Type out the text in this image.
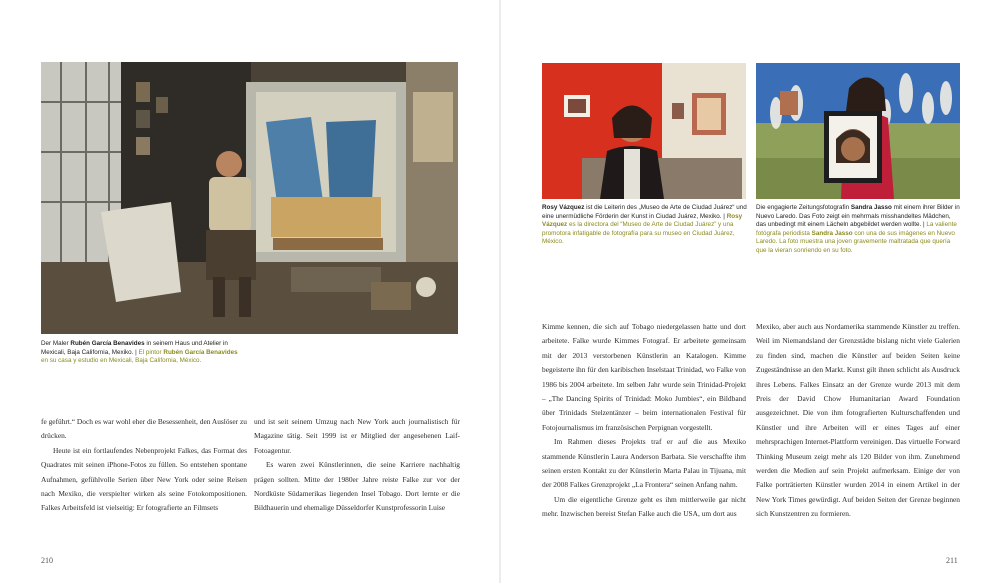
Der Maler Rubén García Benavides in seinem Haus und Atelier in
Mexicali, Baja California, Mexiko. | El pintor Rubén García Benavides
en su casa y estudio en Mexicali, Baja California, México.

fe geführt.“ Doch es war wohl eher die Besessenheit, den Auslöser zu drücken.

Heute ist ein fortlaufendes Nebenprojekt Falkes, das Format des Quadrates mit seinen iPhone-Fotos zu füllen. So entstehen spontane Aufnahmen, gefühlvolle Serien über New York oder seine Reisen nach Mexiko, die verspielter wirken als seine Fotokompositionen. Falkes Arbeitsfeld ist vielseitig: Er fotografierte an Filmsets

und ist seit seinem Umzug nach New York auch journalistisch für Magazine tätig. Seit 1999 ist er Mitglied der angesehenen Laif-Fotoagentur.

Es waren zwei Künstlerinnen, die seine Karriere nachhaltig prägen sollten. Mitte der 1980er Jahre reiste Falke zur vor der Nordküste Südamerikas liegenden Insel Tobago. Dort lernte er die Bildhauerin und ehemalige Düsseldorfer Kunstprofessorin Luise

210
Rosy Vázquez ist die Leiterin des „Museo de Arte de Ciudad Juárez“ und eine unermüdliche Förderin der Kunst in Ciudad Juárez, Mexiko. | Rosy Vázquez es la directora del “Museo de Arte de Ciudad Juárez” y una promotora infatigable de fotografía para su museo en Ciudad Juárez, México.
Die engagierte Zeitungsfotografin Sandra Jasso mit einem ihrer Bilder in Nuevo Laredo. Das Foto zeigt ein mehrmals misshandeltes Mädchen, das unbedingt mit einem Lächeln abgebildet werden wollte. | La valiente fotógrafa periodista Sandra Jasso con una de sus imágenes en Nuevo Laredo. La foto muestra una joven gravemente maltratada que quería que la vieran sonriendo en su foto.

Kimme kennen, die sich auf Tobago niedergelassen hatte und dort arbeitete. Falke wurde Kimmes Fotograf. Er arbeitete gemeinsam mit der 2013 verstorbenen Künstlerin an Katalogen. Kimme begeisterte ihn für den karibischen Inselstaat Trinidad, wo Falke von 1986 bis 2004 arbeitete. Im selben Jahr wurde sein Trinidad-Projekt – „The Dancing Spirits of Trinidad: Moko Jumbies“, ein Bildband über Trinidads Stelzentänzer – beim internationalen Festival für Fotojournalismus im französischen Perpignan vorgestellt.

Im Rahmen dieses Projekts traf er auf die aus Mexiko stammende Künstlerin Laura Anderson Barbata. Sie verschaffte ihm seinen ersten Kontakt zu der Künstlerin Marta Palau in Tijuana, mit der 2008 Falkes Grenzprojekt „La Frontera“ seinen Anfang nahm.

Um die eigentliche Grenze geht es ihm mittlerweile gar nicht mehr. Inzwischen bereist Stefan Falke auch die USA, um dort aus

Mexiko, aber auch aus Nordamerika stammende Künstler zu treffen. Weil im Niemandsland der Grenzstädte bislang nicht viele Galerien zu finden sind, machen die Künstler auf beiden Seiten keine Zugeständnisse an den Markt. Kunst gilt ihnen schlicht als Ausdruck ihres Lebens. Falkes Einsatz an der Grenze wurde 2013 mit dem Preis der David Chow Humanitarian Award Foundation ausgezeichnet. Die von ihm fotografierten Kulturschaffenden und Künstler und ihre Arbeiten will er eines Tages auf einer mehrsprachigen Internet-Plattform vereinigen. Das virtuelle Forward Thinking Museum zeigt mehr als 120 Bilder von ihm. Zunehmend werden die Medien auf sein Projekt aufmerksam. Einige der von Falke porträtierten Künstler wurden 2014 in einem Artikel in der New York Times gewürdigt. Auf beiden Seiten der Grenze beginnen sich Kunstzentren zu formieren.

211
